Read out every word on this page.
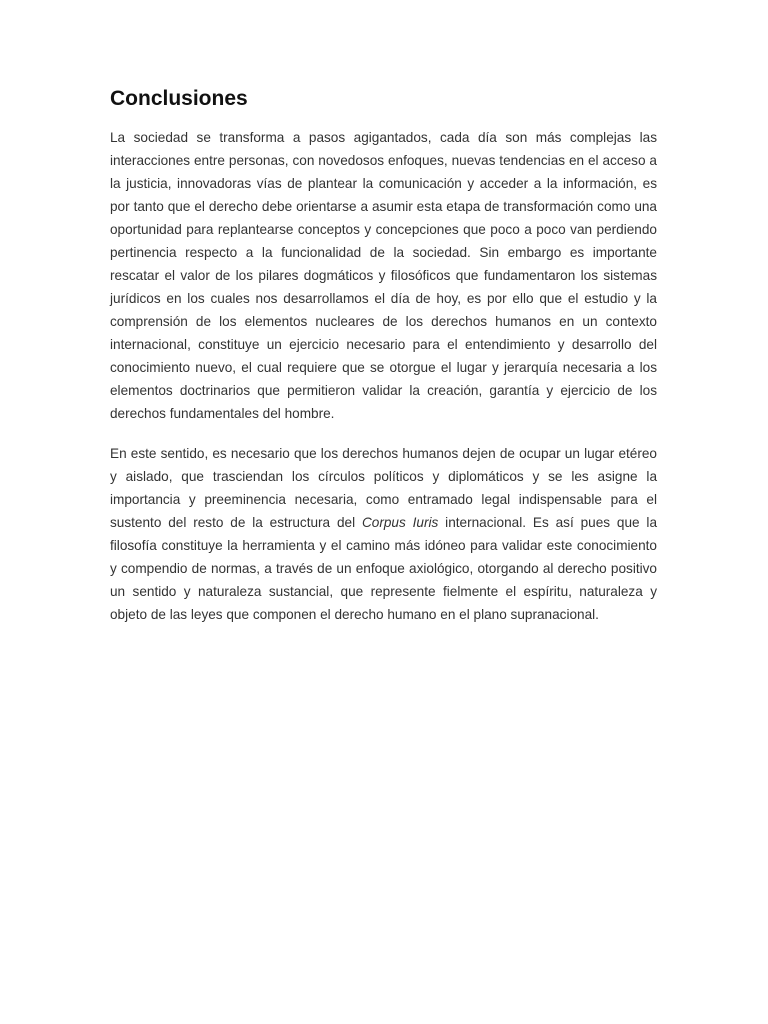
Conclusiones

La sociedad se transforma a pasos agigantados, cada día son más complejas las interacciones entre personas, con novedosos enfoques, nuevas tendencias en el acceso a la justicia, innovadoras vías de plantear la comunicación y acceder a la información, es por tanto que el derecho debe orientarse a asumir esta etapa de transformación como una oportunidad para replantearse conceptos y concepciones que poco a poco van perdiendo pertinencia respecto a la funcionalidad de la sociedad. Sin embargo es importante rescatar el valor de los pilares dogmáticos y filosóficos que fundamentaron los sistemas jurídicos en los cuales nos desarrollamos el día de hoy, es por ello que el estudio y la comprensión de los elementos nucleares de los derechos humanos en un contexto internacional, constituye un ejercicio necesario para el entendimiento y desarrollo del conocimiento nuevo, el cual requiere que se otorgue el lugar y jerarquía necesaria a los elementos doctrinarios que permitieron validar la creación, garantía y ejercicio de los derechos fundamentales del hombre.

En este sentido, es necesario que los derechos humanos dejen de ocupar un lugar etéreo y aislado, que trasciendan los círculos políticos y diplomáticos y se les asigne la importancia y preeminencia necesaria, como entramado legal indispensable para el sustento del resto de la estructura del Corpus Iuris internacional. Es así pues que la filosofía constituye la herramienta y el camino más idóneo para validar este conocimiento y compendio de normas, a través de un enfoque axiológico, otorgando al derecho positivo un sentido y naturaleza sustancial, que represente fielmente el espíritu, naturaleza y objeto de las leyes que componen el derecho humano en el plano supranacional.
